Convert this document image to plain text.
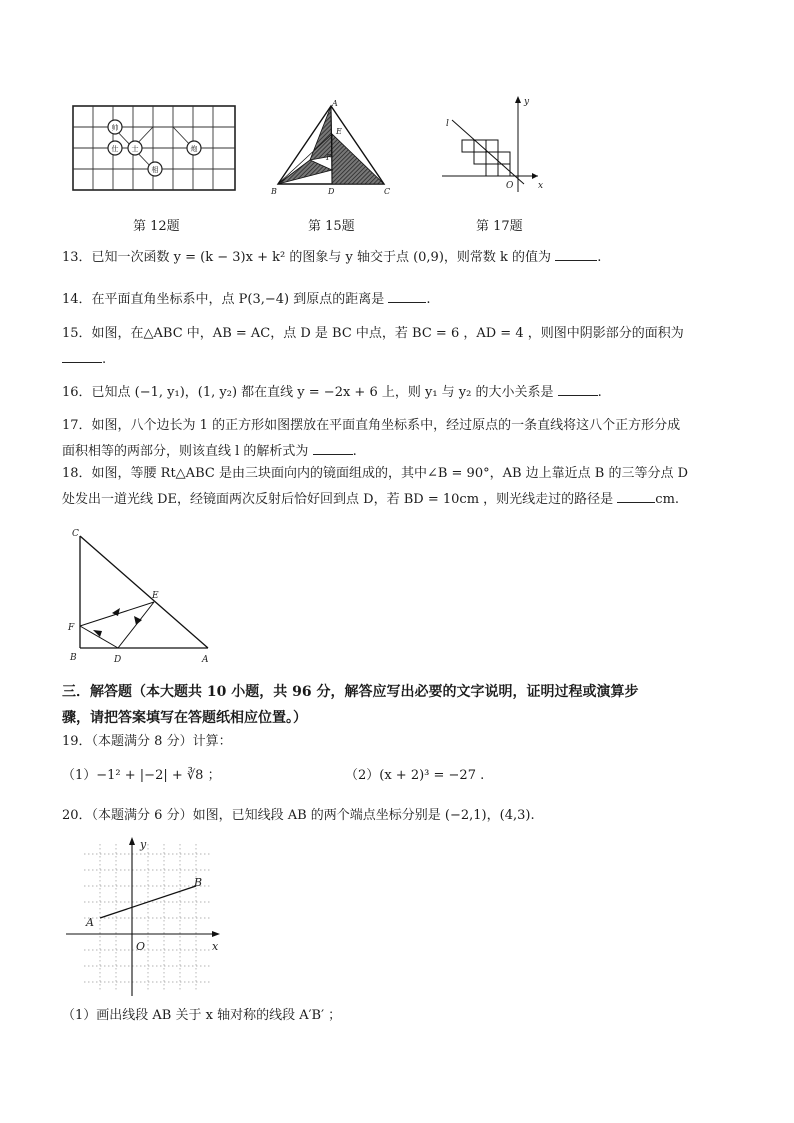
帅
仕 士
相
炮
第 12题
A
E
F
B	D	C
第 15题
l
y
x
O
第 17题
13．已知一次函数 y = (k − 3)x + k² 的图象与 y 轴交于点 (0,9)，则常数 k 的值为	.
14．在平面直角坐标系中，点 P(3,−4) 到原点的距离是	.
15．如图，在△ABC 中，AB = AC，点 D 是 BC 中点，若 BC = 6 ，AD = 4 ，则图中阴影部分的面积为
.
16．已知点 (−1, y₁)，(1, y₂) 都在直线 y = −2x + 6 上，则 y₁ 与 y₂ 的大小关系是	.
17．如图，八个边长为 1 的正方形如图摆放在平面直角坐标系中，经过原点的一条直线将这八个正方形分成
面积相等的两部分，则该直线 l 的解析式为	.
18．如图，等腰 Rt△ABC 是由三块面向内的镜面组成的，其中∠B = 90°，AB 边上靠近点 B 的三等分点 D
处发出一道光线 DE，经镜面两次反射后恰好回到点 D，若 BD = 10cm ，则光线走过的路径是	cm.
C
E
F
B	D	A
三．解答题（本大题共 10 小题，共 96 分，解答应写出必要的文字说明，证明过程或演算步
骤，请把答案填写在答题纸相应位置。）
19．（本题满分 8 分）计算：
（1）−1² + |−2| + ∛8 ；	（2）(x + 2)³ = −27 .
20．（本题满分 6 分）如图，已知线段 AB 的两个端点坐标分别是 (−2,1)，(4,3).
y
x
O
A
B
（1）画出线段 AB 关于 x 轴对称的线段 A′B′ ；
